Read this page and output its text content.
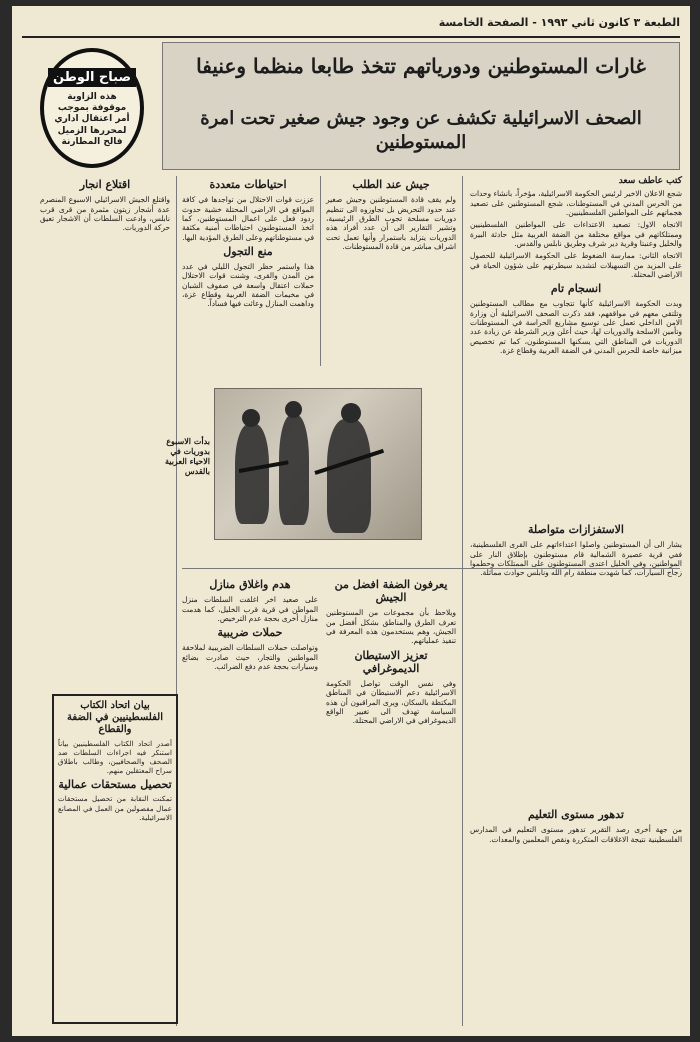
الطبعة ٣ كانون ثاني ١٩٩٣ - الصفحة الخامسة
صباح الوطن
هذه الزاوية موقوفة بموجب أمر اعتقال اداري لمحررها الزميل فالح المطارنة
غارات المستوطنين ودورياتهم تتخذ طابعا منظما وعنيفا
الصحف الاسرائيلية تكشف عن وجود جيش صغير تحت امرة المستوطنين
كتب عاطف سعد

شجع الاعلان الاخير لرئيس الحكومة الاسرائيلية، مؤخراً، بانشاء وحدات من الحرس المدني في المستوطنات، شجع المستوطنين على تصعيد هجماتهم على المواطنين الفلسطينيين.

الاتجاه الاول: تصعيد الاعتداءات على المواطنين الفلسطينيين وممتلكاتهم في مواقع مختلفة من الضفة الغربية مثل حادثة البيرة والخليل وعنبتا وقرية دير شرف وطريق نابلس والقدس.

الاتجاه الثاني: ممارسة الضغوط على الحكومة الاسرائيلية للحصول على المزيد من التسهيلات لتشديد سيطرتهم على شؤون الحياة في الاراضي المحتلة.

انسجام تام

وبدت الحكومة الاسرائيلية كأنها تتجاوب مع مطالب المستوطنين وتلتقي معهم في مواقفهم، فقد ذكرت الصحف الاسرائيلية أن وزارة الامن الداخلي تعمل على توسيع مشاريع الحراسة في المستوطنات وتأمين الاسلحة والدوريات لها، حيث أعلن وزير الشرطة عن زيادة عدد الدوريات في المناطق التي يسكنها المستوطنون، كما تم تخصيص ميزانية خاصة للحرس المدني في الضفة الغربية وقطاع غزة.

الاستفزازات متواصلة

يشار الى أن المستوطنين واصلوا اعتداءاتهم على القرى الفلسطينية، ففي قرية عصيرة الشمالية قام مستوطنون بإطلاق النار على المواطنين، وفي الخليل اعتدى المستوطنون على الممتلكات وحطموا زجاج السيارات، كما شهدت منطقة رام الله ونابلس حوادث مماثلة.

تدهور مستوى التعليم

من جهة أخرى رصد التقرير تدهور مستوى التعليم في المدارس الفلسطينية نتيجة الاغلاقات المتكررة ونقص المعلمين والمعدات.

جيش عند الطلب

ولم يقف قادة المستوطنين وجيش صغير عند حدود التحريض بل تجاوزوه الى تنظيم دوريات مسلحة تجوب الطرق الرئيسية، وتشير التقارير الى أن عدد أفراد هذه الدوريات يتزايد باستمرار وأنها تعمل تحت اشراف مباشر من قادة المستوطنات.

احتياطات متعددة

عززت قوات الاحتلال من تواجدها في كافة المواقع في الاراضي المحتلة خشية حدوث ردود فعل على اعمال المستوطنين، كما اتخذ المستوطنون احتياطات أمنية مكثفة في مستوطناتهم وعلى الطرق المؤدية اليها.

منع التجول

هذا واستمر حظر التجول الليلي في عدد من المدن والقرى، وشنت قوات الاحتلال حملات اعتقال واسعة في صفوف الشبان في مخيمات الضفة الغربية وقطاع غزة، وداهمت المنازل وعاثت فيها فساداً.

بدأت الاسبوع بدوريات في الاحياء العربية بالقدس
يعرفون الضفة افضل من الجيش

ويلاحظ بأن مجموعات من المستوطنين تعرف الطرق والمناطق بشكل أفضل من الجيش، وهم يستخدمون هذه المعرفة في تنفيذ عملياتهم.

تعزيز الاستيطان الديموغرافي

وفي نفس الوقت تواصل الحكومة الاسرائيلية دعم الاستيطان في المناطق المكتظة بالسكان، ويرى المراقبون أن هذه السياسة تهدف الى تغيير الواقع الديموغرافي في الاراضي المحتلة.

هدم واغلاق منازل

على صعيد اخر اغلقت السلطات منزل المواطن في قرية قرب الخليل، كما هدمت منازل أخرى بحجة عدم الترخيص.

حملات ضريبية

وتواصلت حملات السلطات الضريبية لملاحقة المواطنين والتجار، حيث صادرت بضائع وسيارات بحجة عدم دفع الضرائب.

اقتلاع انجار

واقتلع الجيش الاسرائيلي الاسبوع المنصرم عدة أشجار زيتون مثمرة من قرى قرب نابلس، وادعت السلطات أن الاشجار تعيق حركة الدوريات.

بيان اتحاد الكتاب الفلسطينيين في الضفة والقطاع

أصدر اتحاد الكتاب الفلسطينيين بياناً استنكر فيه اجراءات السلطات ضد الصحف والصحافيين، وطالب باطلاق سراح المعتقلين منهم.

تحصيل مستحقات عمالية

تمكنت النقابة من تحصيل مستحقات عمال مفصولين من العمل في المصانع الاسرائيلية.
